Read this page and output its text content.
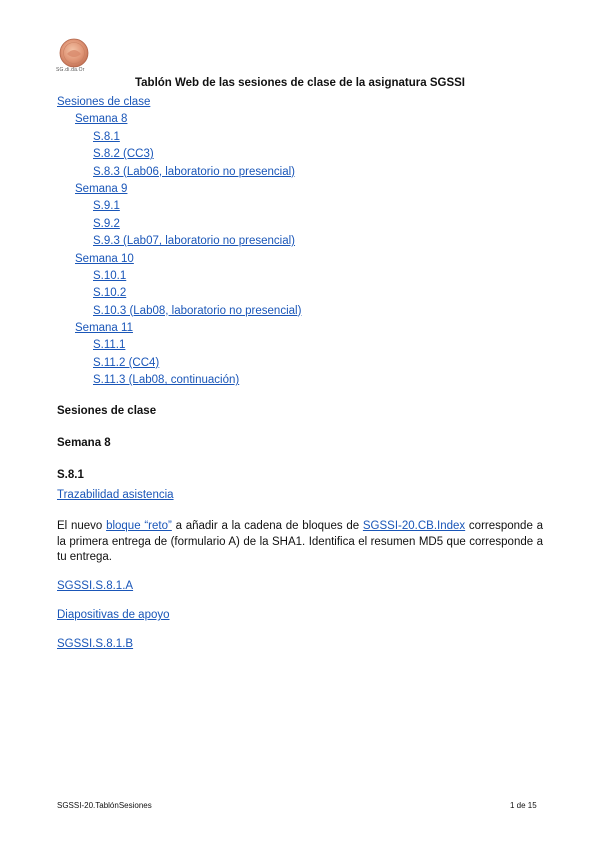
SG.di.da.Or
Tablón Web de las sesiones de clase de la asignatura SGSSI
Sesiones de clase
Semana 8
S.8.1
S.8.2 (CC3)
S.8.3 (Lab06, laboratorio no presencial)
Semana 9
S.9.1
S.9.2
S.9.3 (Lab07, laboratorio no presencial)
Semana 10
S.10.1
S.10.2
S.10.3 (Lab08, laboratorio no presencial)
Semana 11
S.11.1
S.11.2 (CC4)
S.11.3 (Lab08, continuación)
Sesiones de clase
Semana 8
S.8.1
Trazabilidad asistencia
El nuevo bloque “reto” a añadir a la cadena de bloques de SGSSI-20.CB.Index corresponde a la primera entrega de (formulario A) de la SHA1. Identifica el resumen MD5 que corresponde a tu entrega.
SGSSI.S.8.1.A
Diapositivas de apoyo
SGSSI.S.8.1.B
SGSSI-20.TablónSesiones	1 de 15
